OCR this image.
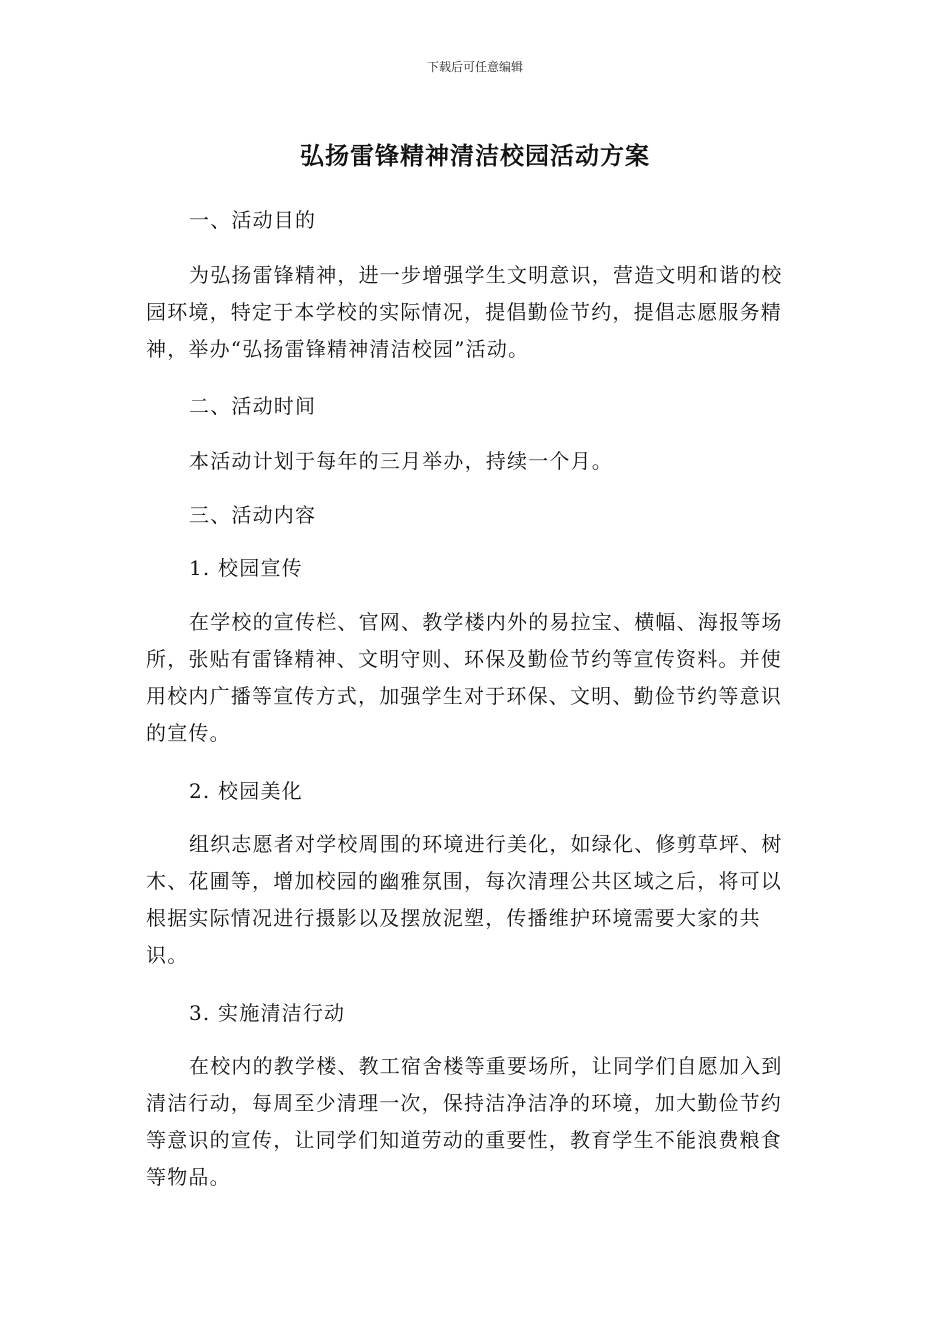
下载后可任意编辑
弘扬雷锋精神清洁校园活动方案

一、活动目的

为弘扬雷锋精神，进一步增强学生文明意识，营造文明和谐的校园环境，特定于本学校的实际情况，提倡勤俭节约，提倡志愿服务精神，举办“弘扬雷锋精神清洁校园”活动。

二、活动时间

本活动计划于每年的三月举办，持续一个月。

三、活动内容

1. 校园宣传

在学校的宣传栏、官网、教学楼内外的易拉宝、横幅、海报等场所，张贴有雷锋精神、文明守则、环保及勤俭节约等宣传资料。并使用校内广播等宣传方式，加强学生对于环保、文明、勤俭节约等意识的宣传。

2. 校园美化

组织志愿者对学校周围的环境进行美化，如绿化、修剪草坪、树木、花圃等，增加校园的幽雅氛围，每次清理公共区域之后，将可以根据实际情况进行摄影以及摆放泥塑，传播维护环境需要大家的共识。

3. 实施清洁行动

在校内的教学楼、教工宿舍楼等重要场所，让同学们自愿加入到清洁行动，每周至少清理一次，保持洁净洁净的环境，加大勤俭节约等意识的宣传，让同学们知道劳动的重要性，教育学生不能浪费粮食等物品。
